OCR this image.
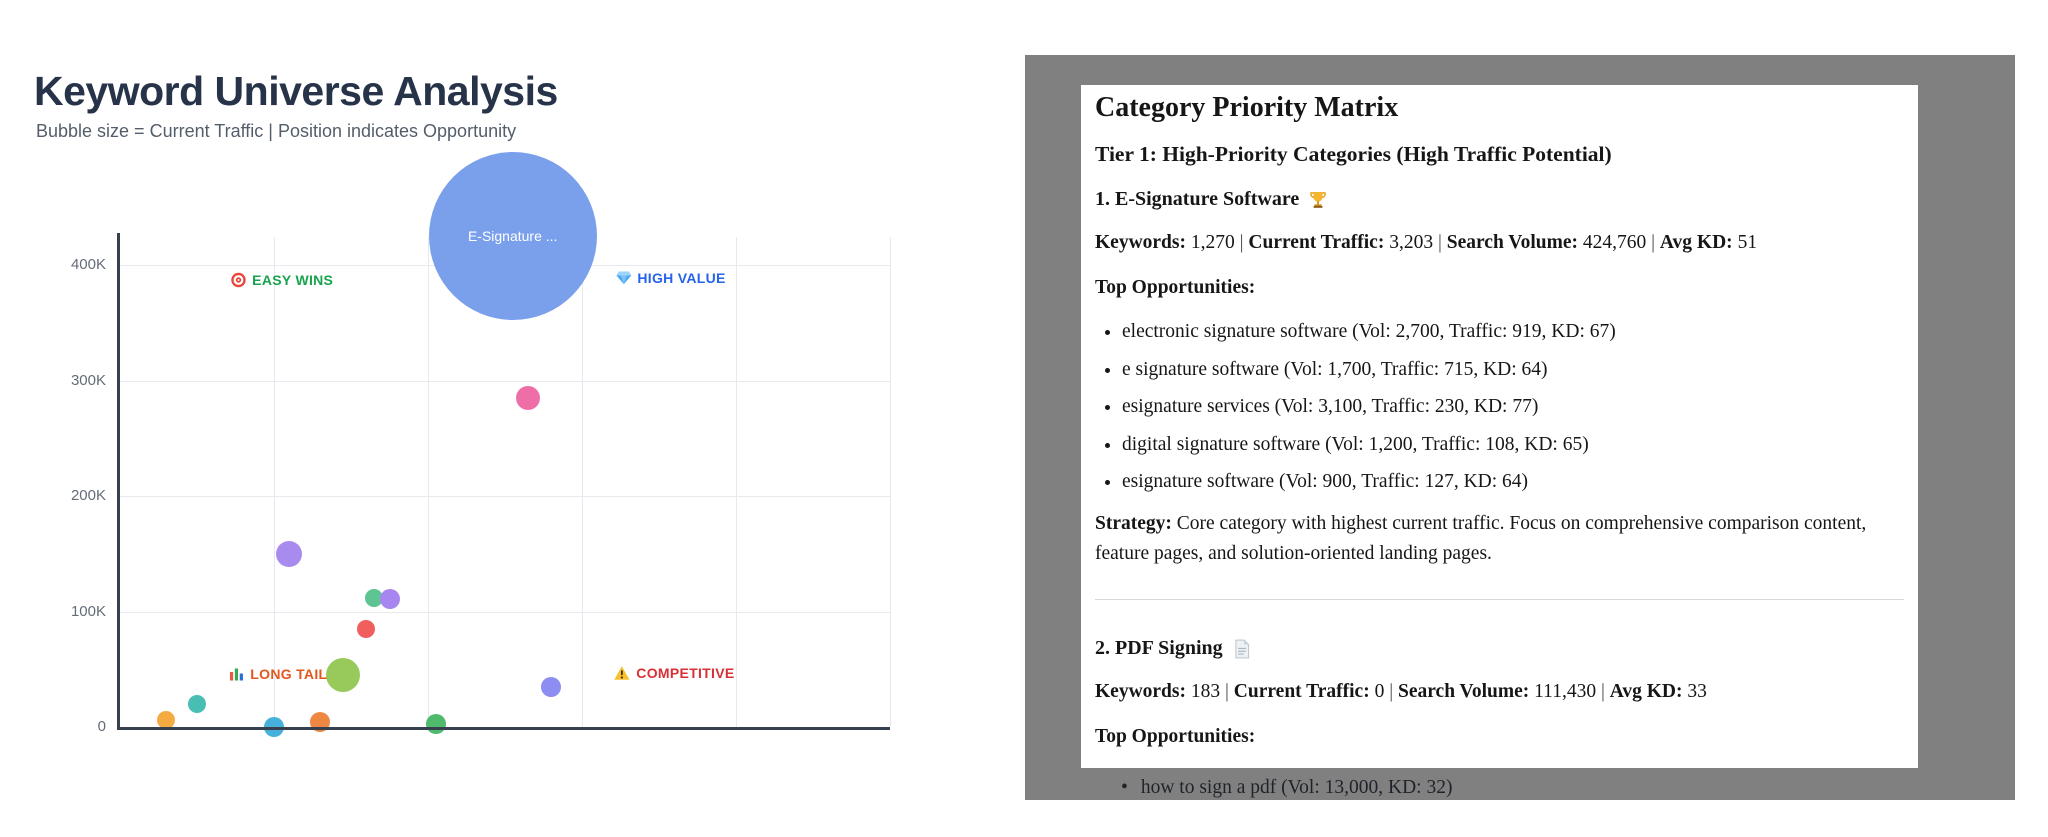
Keyword Universe Analysis

Bubble size = Current Traffic | Position indicates Opportunity

400K
300K
200K
100K
0
E-Signature ...
EASY WINS	HIGH VALUE
LONG TAIL	COMPETITIVE
Category Priority Matrix
Tier 1: High-Priority Categories (High Traffic Potential)
1. E-Signature Software

Keywords: 1,270 | Current Traffic: 3,203 | Search Volume: 424,760 | Avg KD: 51

Top Opportunities:

• electronic signature software (Vol: 2,700, Traffic: 919, KD: 67)
• e signature software (Vol: 1,700, Traffic: 715, KD: 64)
• esignature services (Vol: 3,100, Traffic: 230, KD: 77)
• digital signature software (Vol: 1,200, Traffic: 108, KD: 65)
• esignature software (Vol: 900, Traffic: 127, KD: 64)

Strategy: Core category with highest current traffic. Focus on comprehensive comparison content, feature pages, and solution-oriented landing pages.

2. PDF Signing

Keywords: 183 | Current Traffic: 0 | Search Volume: 111,430 | Avg KD: 33

Top Opportunities:

• how to sign a pdf (Vol: 13,000, KD: 32)
